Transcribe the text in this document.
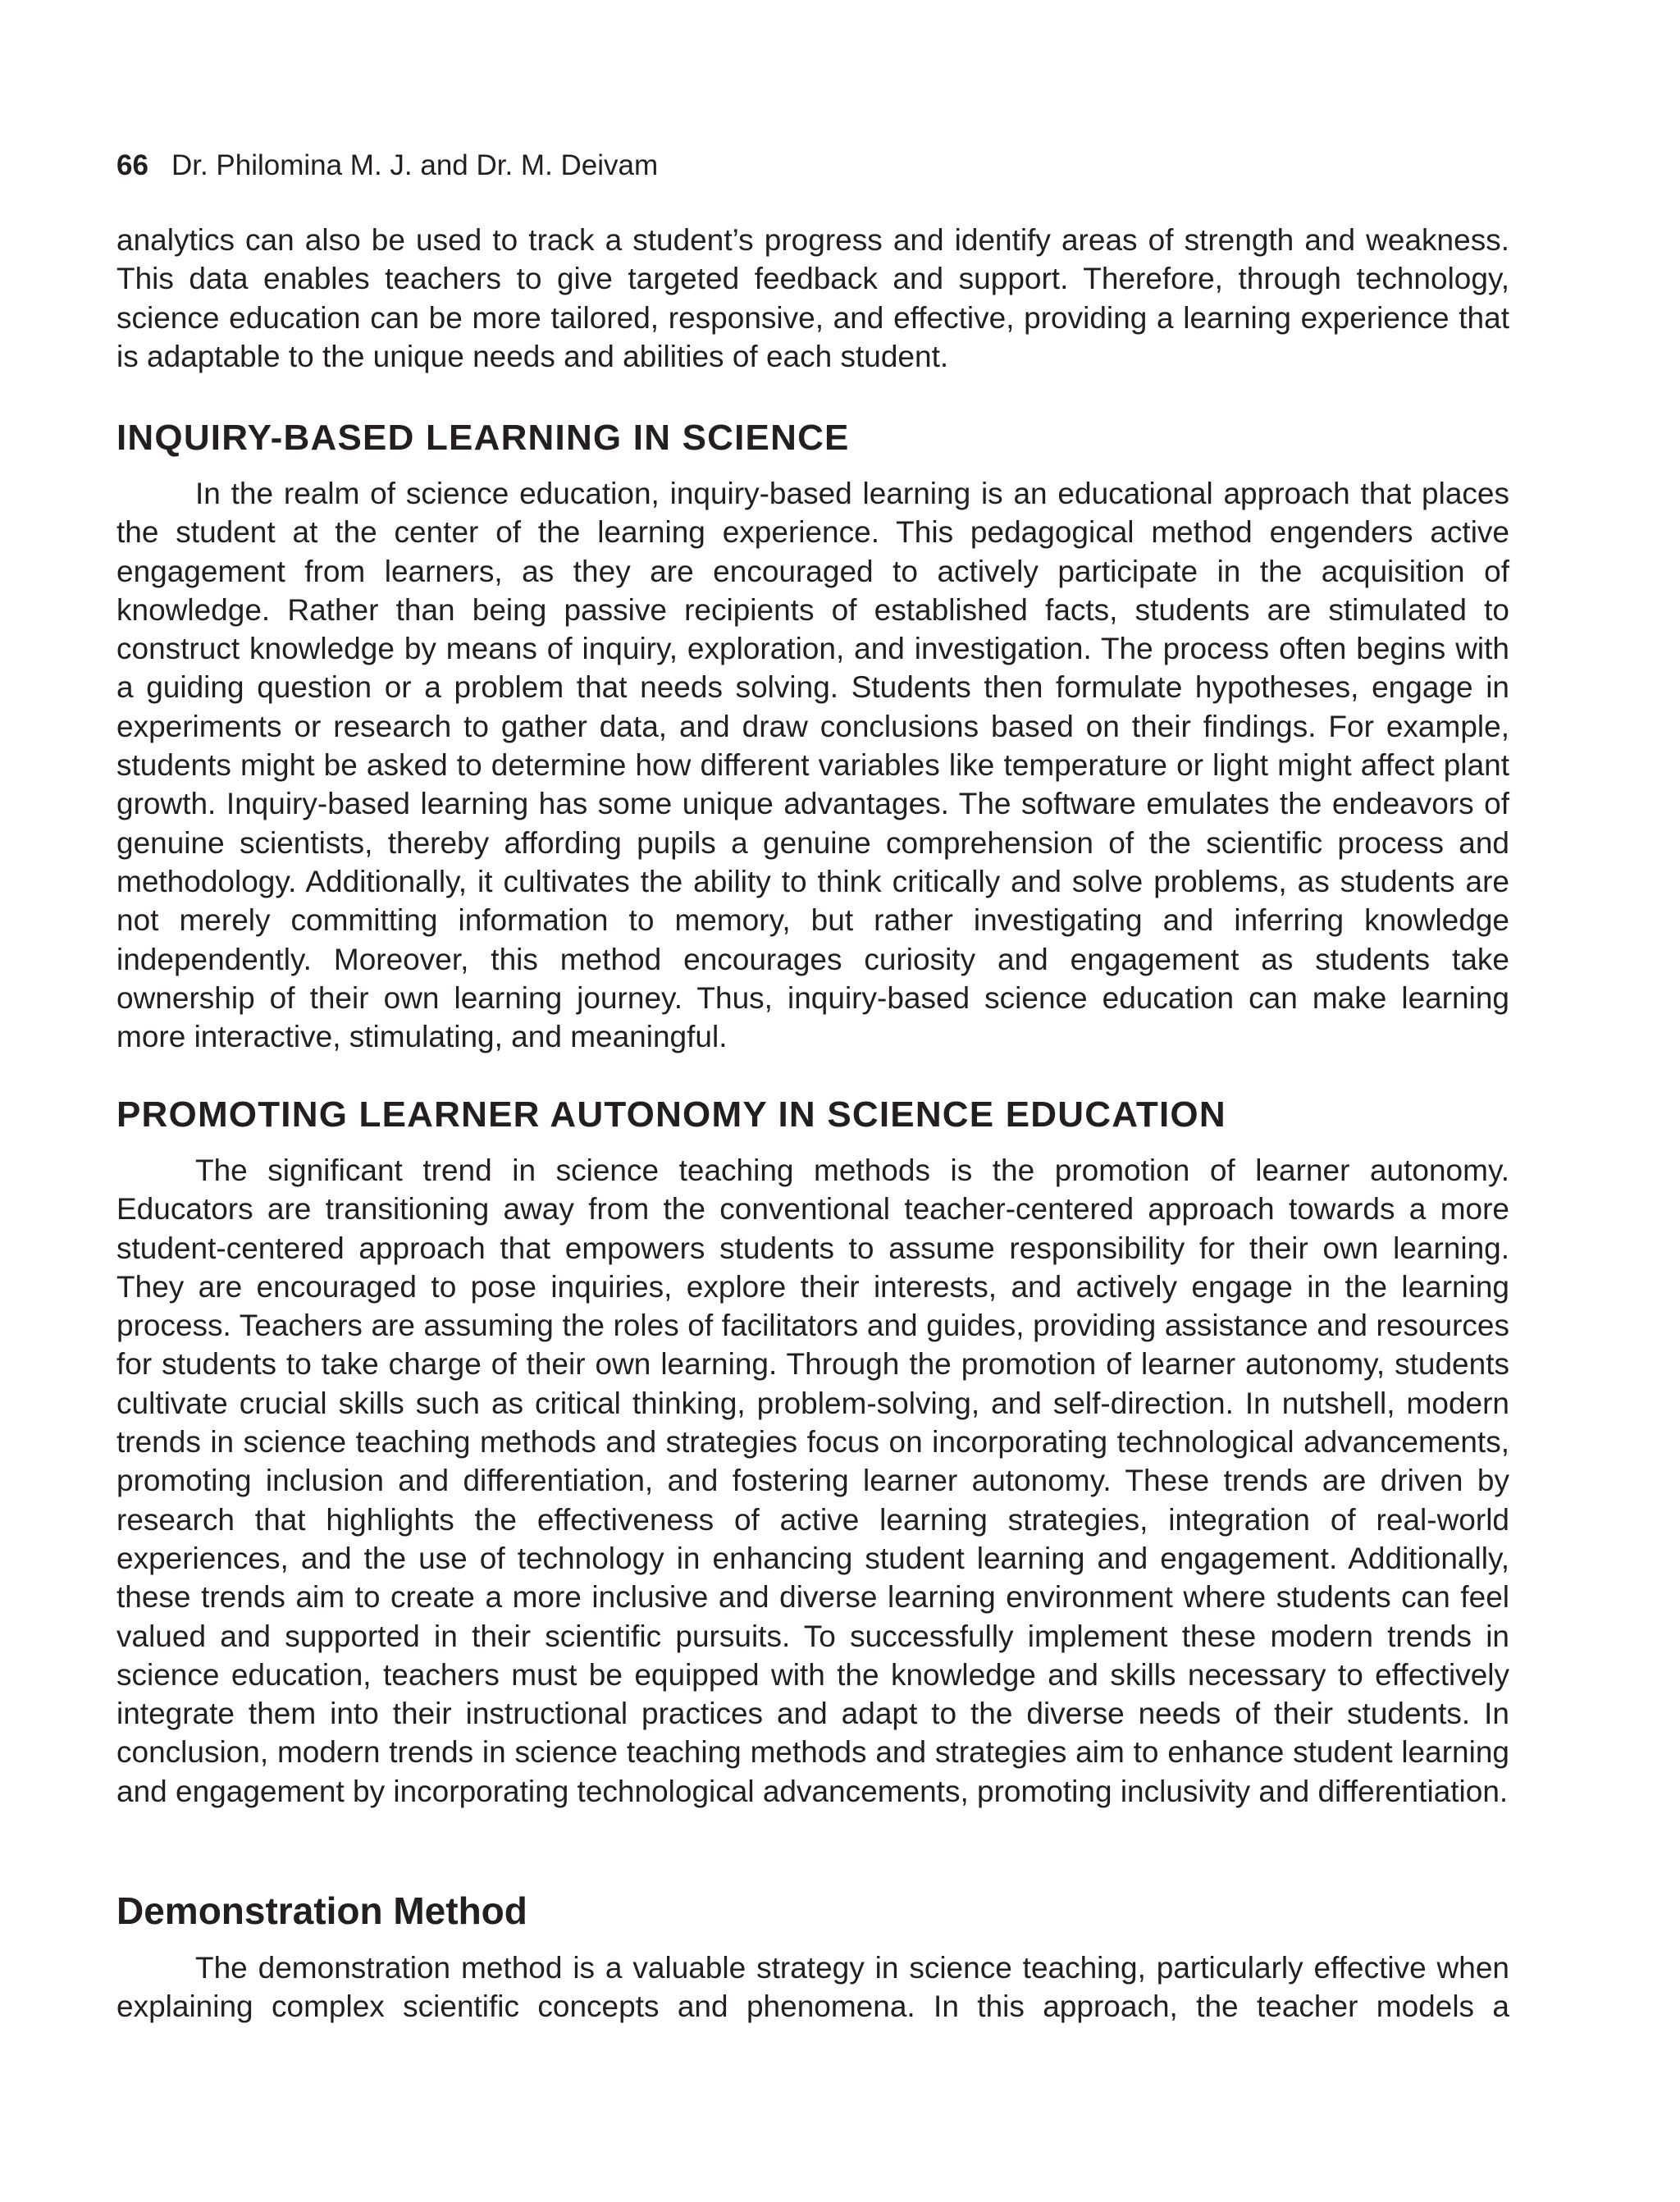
66 Dr. Philomina M. J. and Dr. M. Deivam

analytics can also be used to track a student’s progress and identify areas of strength and weakness. This data enables teachers to give targeted feedback and support. Therefore, through technology, science education can be more tailored, responsive, and effective, providing a learning experience that is adaptable to the unique needs and abilities of each student.

INQUIRY-BASED LEARNING IN SCIENCE

In the realm of science education, inquiry-based learning is an educational approach that places the student at the center of the learning experience. This pedagogical method engenders active engagement from learners, as they are encouraged to actively participate in the acquisition of knowledge. Rather than being passive recipients of established facts, students are stimulated to construct knowledge by means of inquiry, exploration, and investigation. The process often begins with a guiding question or a problem that needs solving. Students then formulate hypotheses, engage in experiments or research to gather data, and draw conclusions based on their findings. For example, students might be asked to determine how different variables like temperature or light might affect plant growth. Inquiry-based learning has some unique advantages. The software emulates the endeavors of genuine scientists, thereby affording pupils a genuine comprehension of the scientific process and methodology. Additionally, it cultivates the ability to think critically and solve problems, as students are not merely committing information to memory, but rather investigating and inferring knowledge independently. Moreover, this method encourages curiosity and engagement as students take ownership of their own learning journey. Thus, inquiry-based science education can make learning more interactive, stimulating, and meaningful.

PROMOTING LEARNER AUTONOMY IN SCIENCE EDUCATION

The significant trend in science teaching methods is the promotion of learner autonomy. Educators are transitioning away from the conventional teacher-centered approach towards a more student-centered approach that empowers students to assume responsibility for their own learning. They are encouraged to pose inquiries, explore their interests, and actively engage in the learning process. Teachers are assuming the roles of facilitators and guides, providing assistance and resources for students to take charge of their own learning. Through the promotion of learner autonomy, students cultivate crucial skills such as critical thinking, problem-solving, and self-direction. In nutshell, modern trends in science teaching methods and strategies focus on incorporating technological advancements, promoting inclusion and differentiation, and fostering learner autonomy. These trends are driven by research that highlights the effectiveness of active learning strategies, integration of real-world experiences, and the use of technology in enhancing student learning and engagement. Additionally, these trends aim to create a more inclusive and diverse learning environment where students can feel valued and supported in their scientific pursuits. To successfully implement these modern trends in science education, teachers must be equipped with the knowledge and skills necessary to effectively integrate them into their instructional practices and adapt to the diverse needs of their students. In conclusion, modern trends in science teaching methods and strategies aim to enhance student learning and engagement by incorporating technological advancements, promoting inclusivity and differentiation.

Demonstration Method

The demonstration method is a valuable strategy in science teaching, particularly effective when explaining complex scientific concepts and phenomena. In this approach, the teacher models a
